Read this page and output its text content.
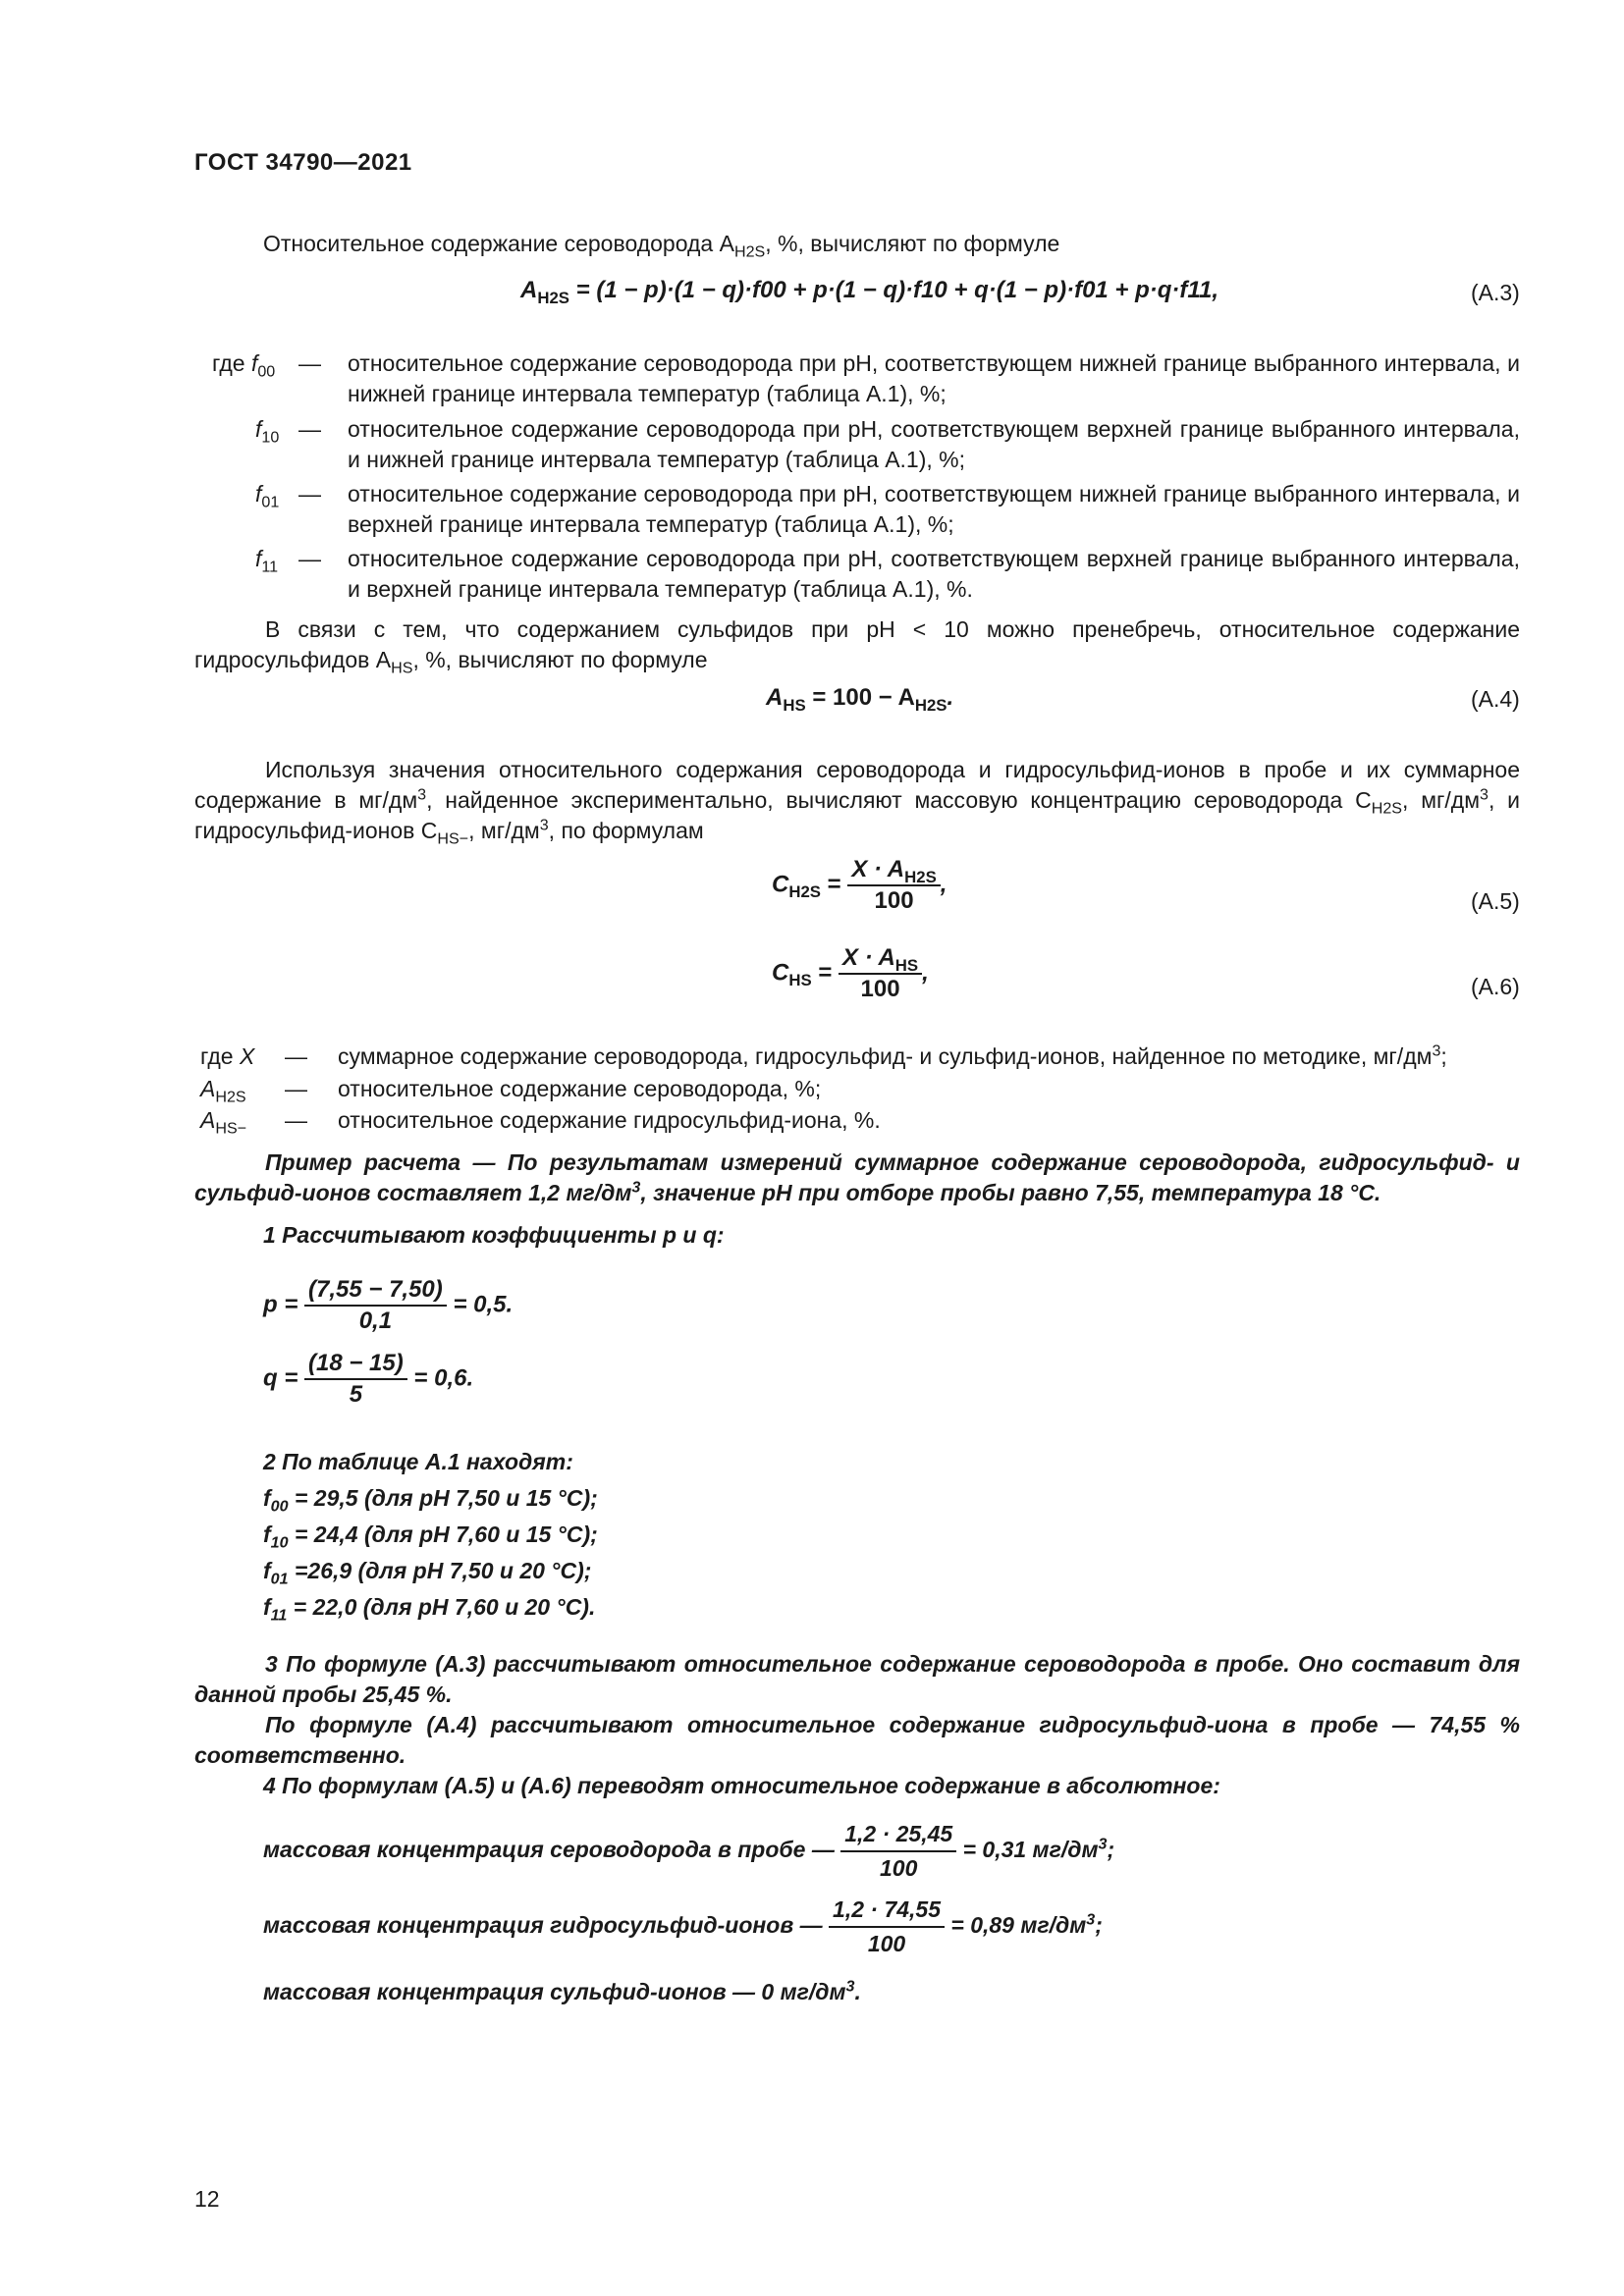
ГОСТ 34790—2021
Относительное содержание сероводорода $A_{H2S}$, %, вычисляют по формуле
$A_{H2S} = (1 - p)\cdot(1 - q)\cdot f00 + p\cdot(1 - q)\cdot f10 + q\cdot(1 - p)\cdot f01 + p\cdot q\cdot f11$,	(А.3)
где $f_{00}$ — относительное содержание сероводорода при pH, соответствующем нижней границе выбранного интервала, и нижней границе интервала температур (таблица А.1), %;
$f_{10}$ — относительное содержание сероводорода при pH, соответствующем верхней границе выбранного интервала, и нижней границе интервала температур (таблица А.1), %;
$f_{01}$ — относительное содержание сероводорода при pH, соответствующем нижней границе выбранного интервала, и верхней границе интервала температур (таблица А.1), %;
$f_{11}$ — относительное содержание сероводорода при pH, соответствующем верхней границе выбранного интервала, и верхней границе интервала температур (таблица А.1), %.
В связи с тем, что содержанием сульфидов при pH < 10 можно пренебречь, относительное содержание гидросульфидов $A_{HS}$, %, вычисляют по формуле
$A_{HS} = 100 - A_{H2S}$.	(А.4)
Используя значения относительного содержания сероводорода и гидросульфид-ионов в пробе и их суммарное содержание в $мг/дм^3$, найденное экспериментально, вычисляют массовую концентрацию сероводорода $C_{H2S}$, $мг/дм^3$, и гидросульфид-ионов $C_{HS-}$, $мг/дм^3$, по формулам
$C_{H2S} = \frac{X \cdot A_{H2S}}{100}$ ,
(А.5)
$C_{HS} = \frac{X \cdot A_{HS}}{100}$ ,
(А.6)
где X — суммарное содержание сероводорода, гидросульфид- и сульфид-ионов, найденное по методике, $мг/дм^3$;
$A_{H2S}$ — относительное содержание сероводорода, %;
$A_{HS-}$ — относительное содержание гидросульфид-иона, %.
Пример расчета — По результатам измерений суммарное содержание сероводорода, гидросульфид- и сульфид-ионов составляет 1,2 $мг/дм^3$, значение pH при отборе пробы равно 7,55, температура 18 °С.
1 Рассчитывают коэффициенты p и q:
$p = \frac{(7,55 - 7,50)}{0,1} = 0,5$.
$q = \frac{(18 - 15)}{5} = 0,6$.
2 По таблице А.1 находят:
$f_{00} = 29,5$ (для pH 7,50 и 15 °С);
$f_{10} = 24,4$ (для pH 7,60 и 15 °С);
$f_{01} =26,9$ (для pH 7,50 и 20 °С);
$f_{11} = 22,0$ (для pH 7,60 и 20 °С).
3 По формуле (А.3) рассчитывают относительное содержание сероводорода в пробе. Оно составит для данной пробы 25,45 %.
По формуле (А.4) рассчитывают относительное содержание гидросульфид-иона в пробе — 74,55 % соответственно.
4 По формулам (А.5) и (А.6) переводят относительное содержание в абсолютное:
массовая концентрация сероводорода в пробе — $\frac{1,2 \cdot 25,45}{100} = 0,31$ $мг/дм^3$;
массовая концентрация гидросульфид-ионов — $\frac{1,2 \cdot 74,55}{100} = 0,89$ $мг/дм^3$;
массовая концентрация сульфид-ионов — 0 $мг/дм^3$.
12
